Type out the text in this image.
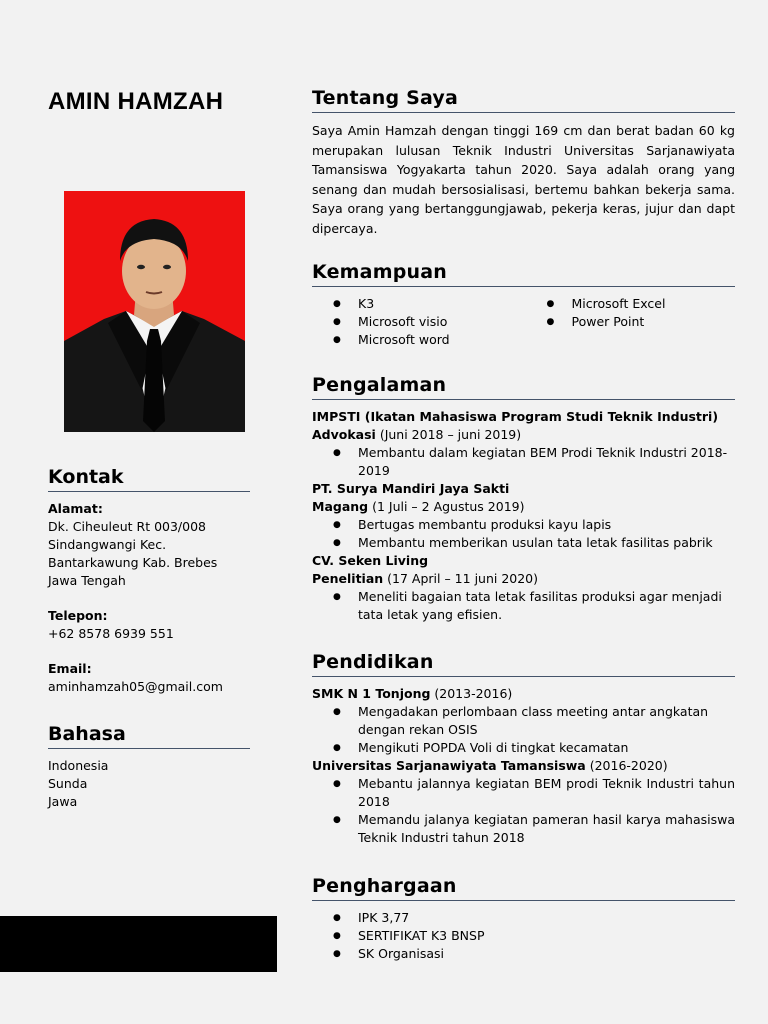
AMIN HAMZAH
Kontak
Alamat:
Dk. Ciheuleut Rt 003/008
Sindangwangi Kec.
Bantarkawung Kab. Brebes
Jawa Tengah
Telepon:
+62 8578 6939 551
Email:
aminhamzah05@gmail.com
Bahasa
Indonesia
Sunda
Jawa
Tentang Saya

Saya Amin Hamzah dengan tinggi 169 cm dan berat badan 60 kg merupakan lulusan Teknik Industri Universitas Sarjanawiyata Tamansiswa Yogyakarta tahun 2020. Saya adalah orang yang senang dan mudah bersosialisasi, bertemu bahkan bekerja sama. Saya orang yang bertanggungjawab, pekerja keras, jujur dan dapt dipercaya.

Kemampuan
● K3
● Microsoft visio
● Microsoft word
● Microsoft Excel
● Power Point
Pengalaman
IMPSTI (Ikatan Mahasiswa Program Studi Teknik Industri)
Advokasi (Juni 2018 – juni 2019)
● Membantu dalam kegiatan BEM Prodi Teknik Industri 2018-2019
PT. Surya Mandiri Jaya Sakti
Magang (1 Juli – 2 Agustus 2019)
● Bertugas membantu produksi kayu lapis
● Membantu memberikan usulan tata letak fasilitas pabrik
CV. Seken Living
Penelitian (17 April – 11 juni 2020)
● Meneliti bagaian tata letak fasilitas produksi agar menjadi tata letak yang efisien.
Pendidikan
SMK N 1 Tonjong (2013-2016)
● Mengadakan perlombaan class meeting antar angkatan dengan rekan OSIS
● Mengikuti POPDA Voli di tingkat kecamatan
Universitas Sarjanawiyata Tamansiswa (2016-2020)
● Mebantu jalannya kegiatan BEM prodi Teknik Industri tahun 2018
● Memandu jalanya kegiatan pameran hasil karya mahasiswa Teknik Industri tahun 2018
Penghargaan
● IPK 3,77
● SERTIFIKAT K3 BNSP
● SK Organisasi
